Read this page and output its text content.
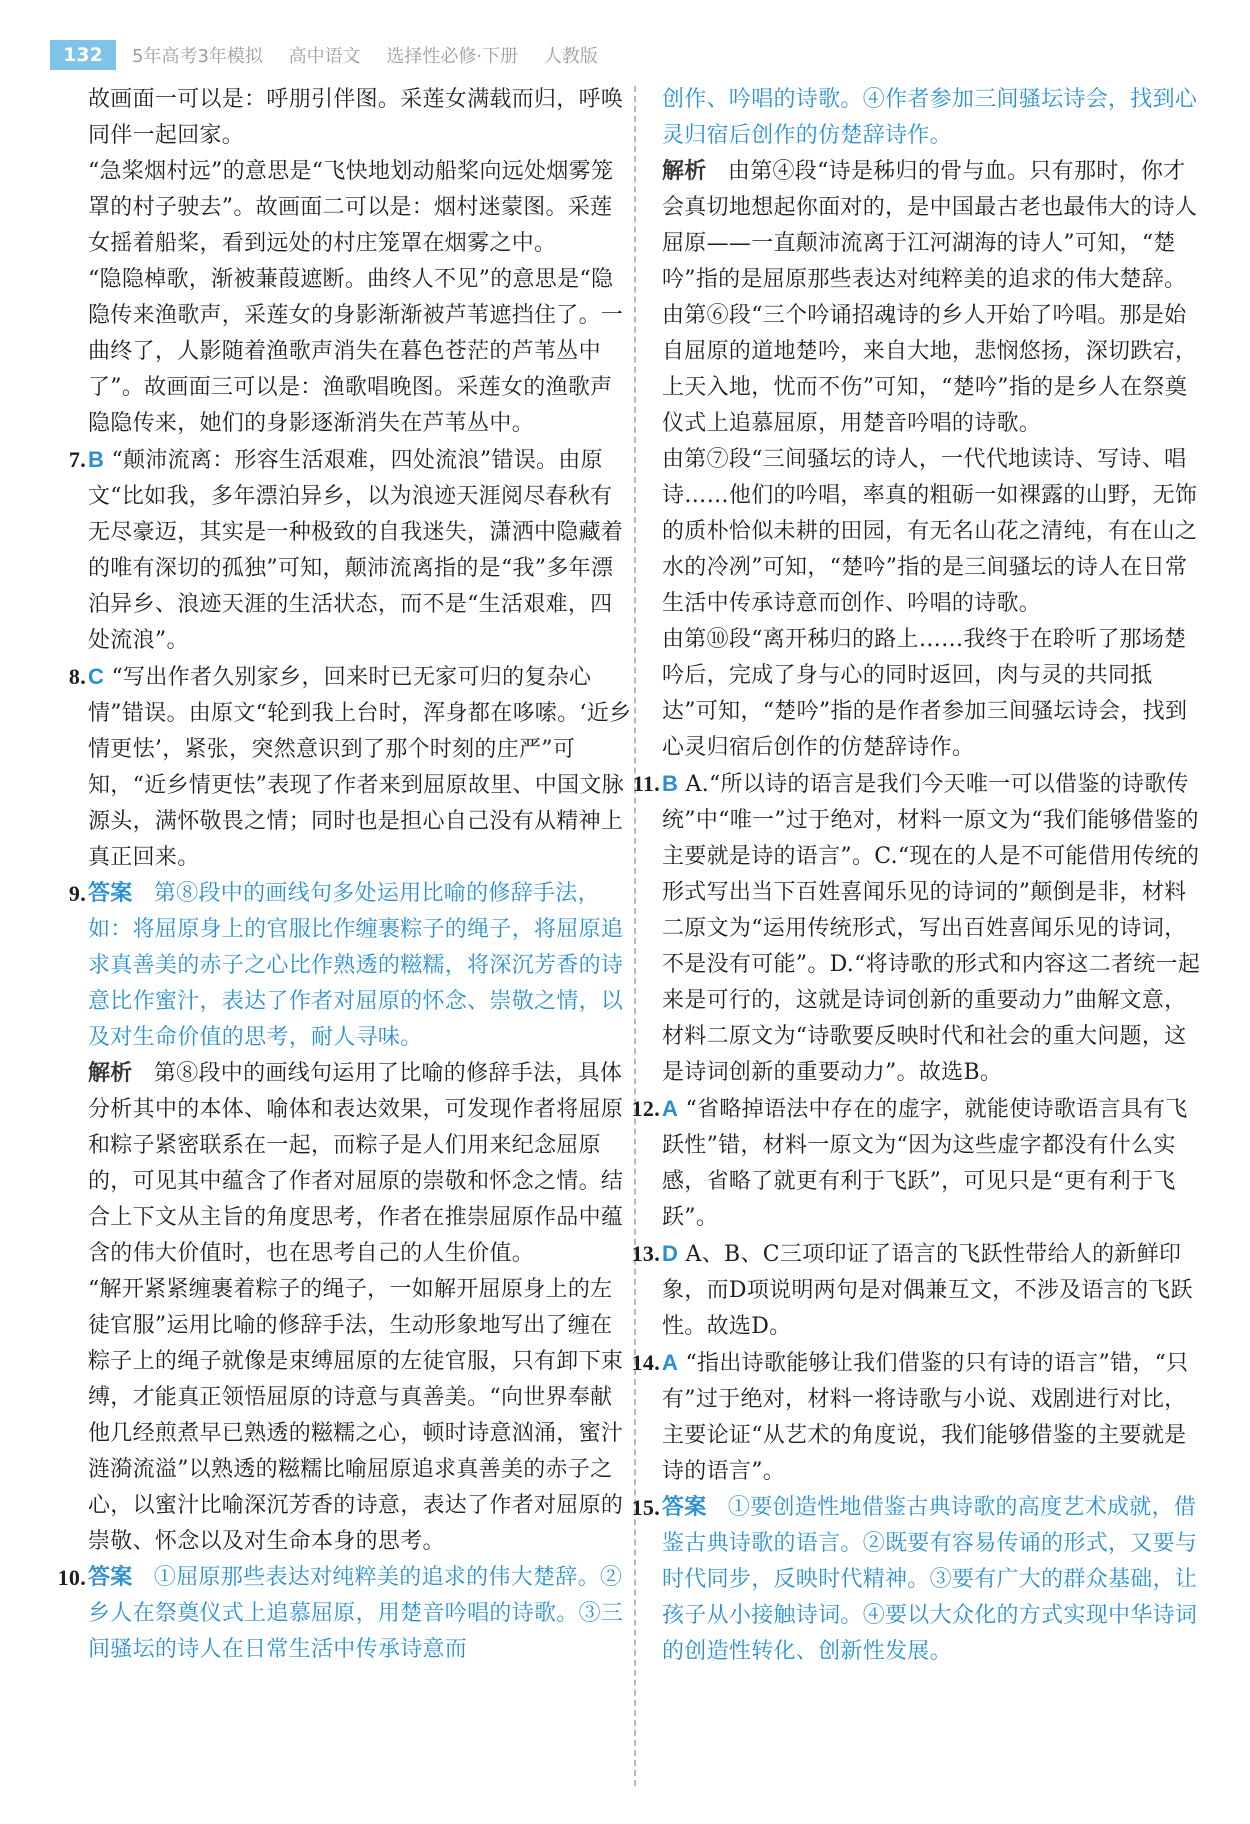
132	5年高考3年模拟 高中语文 选择性必修·下册 人教版

故画面一可以是：呼朋引伴图。采莲女满载而归，呼唤同伴一起回家。

“急桨烟村远”的意思是“飞快地划动船桨向远处烟雾笼罩的村子驶去”。故画面二可以是：烟村迷蒙图。采莲女摇着船桨，看到远处的村庄笼罩在烟雾之中。

“隐隐棹歌，渐被蒹葭遮断。曲终人不见”的意思是“隐隐传来渔歌声，采莲女的身影渐渐被芦苇遮挡住了。一曲终了，人影随着渔歌声消失在暮色苍茫的芦苇丛中了”。故画面三可以是：渔歌唱晚图。采莲女的渔歌声隐隐传来，她们的身影逐渐消失在芦苇丛中。

7. B “颠沛流离：形容生活艰难，四处流浪”错误。由原文“比如我，多年漂泊异乡，以为浪迹天涯阅尽春秋有无尽豪迈，其实是一种极致的自我迷失，潇洒中隐藏着的唯有深切的孤独”可知，颠沛流离指的是“我”多年漂泊异乡、浪迹天涯的生活状态，而不是“生活艰难，四处流浪”。
8. C “写出作者久别家乡，回来时已无家可归的复杂心情”错误。由原文“轮到我上台时，浑身都在哆嗦。‘近乡情更怯’，紧张，突然意识到了那个时刻的庄严”可知，“近乡情更怯”表现了作者来到屈原故里、中国文脉源头，满怀敬畏之情；同时也是担心自己没有从精神上真正回来。
9. 答案 第⑧段中的画线句多处运用比喻的修辞手法，如：将屈原身上的官服比作缠裹粽子的绳子，将屈原追求真善美的赤子之心比作熟透的糍糯，将深沉芳香的诗意比作蜜汁，表达了作者对屈原的怀念、崇敬之情，以及对生命价值的思考，耐人寻味。
解析 第⑧段中的画线句运用了比喻的修辞手法，具体分析其中的本体、喻体和表达效果，可发现作者将屈原和粽子紧密联系在一起，而粽子是人们用来纪念屈原的，可见其中蕴含了作者对屈原的崇敬和怀念之情。结合上下文从主旨的角度思考，作者在推崇屈原作品中蕴含的伟大价值时，也在思考自己的人生价值。

“解开紧紧缠裹着粽子的绳子，一如解开屈原身上的左徒官服”运用比喻的修辞手法，生动形象地写出了缠在粽子上的绳子就像是束缚屈原的左徒官服，只有卸下束缚，才能真正领悟屈原的诗意与真善美。“向世界奉献他几经煎煮早已熟透的糍糯之心，顿时诗意汹涌，蜜汁涟漪流溢”以熟透的糍糯比喻屈原追求真善美的赤子之心，以蜜汁比喻深沉芳香的诗意，表达了作者对屈原的崇敬、怀念以及对生命本身的思考。

10. 答案 ①屈原那些表达对纯粹美的追求的伟大楚辞。②乡人在祭奠仪式上追慕屈原，用楚音吟唱的诗歌。③三间骚坛的诗人在日常生活中传承诗意而

创作、吟唱的诗歌。④作者参加三间骚坛诗会，找到心灵归宿后创作的仿楚辞诗作。

解析 由第④段“诗是秭归的骨与血。只有那时，你才会真切地想起你面对的，是中国最古老也最伟大的诗人屈原——一直颠沛流离于江河湖海的诗人”可知，“楚吟”指的是屈原那些表达对纯粹美的追求的伟大楚辞。

由第⑥段“三个吟诵招魂诗的乡人开始了吟唱。那是始自屈原的道地楚吟，来自大地，悲悯悠扬，深切跌宕，上天入地，忧而不伤”可知，“楚吟”指的是乡人在祭奠仪式上追慕屈原，用楚音吟唱的诗歌。

由第⑦段“三间骚坛的诗人，一代代地读诗、写诗、唱诗……他们的吟唱，率真的粗砺一如裸露的山野，无饰的质朴恰似未耕的田园，有无名山花之清纯，有在山之水的冷冽”可知，“楚吟”指的是三间骚坛的诗人在日常生活中传承诗意而创作、吟唱的诗歌。

由第⑩段“离开秭归的路上……我终于在聆听了那场楚吟后，完成了身与心的同时返回，肉与灵的共同抵达”可知，“楚吟”指的是作者参加三间骚坛诗会，找到心灵归宿后创作的仿楚辞诗作。

11. B A.“所以诗的语言是我们今天唯一可以借鉴的诗歌传统”中“唯一”过于绝对，材料一原文为“我们能够借鉴的主要就是诗的语言”。C.“现在的人是不可能借用传统的形式写出当下百姓喜闻乐见的诗词的”颠倒是非，材料二原文为“运用传统形式，写出百姓喜闻乐见的诗词，不是没有可能”。D.“将诗歌的形式和内容这二者统一起来是可行的，这就是诗词创新的重要动力”曲解文意，材料二原文为“诗歌要反映时代和社会的重大问题，这是诗词创新的重要动力”。故选B。
12. A “省略掉语法中存在的虚字，就能使诗歌语言具有飞跃性”错，材料一原文为“因为这些虚字都没有什么实感，省略了就更有利于飞跃”，可见只是“更有利于飞跃”。
13. D A、B、C三项印证了语言的飞跃性带给人的新鲜印象，而D项说明两句是对偶兼互文，不涉及语言的飞跃性。故选D。
14. A “指出诗歌能够让我们借鉴的只有诗的语言”错，“只有”过于绝对，材料一将诗歌与小说、戏剧进行对比，主要论证“从艺术的角度说，我们能够借鉴的主要就是诗的语言”。
15. 答案 ①要创造性地借鉴古典诗歌的高度艺术成就，借鉴古典诗歌的语言。②既要有容易传诵的形式，又要与时代同步，反映时代精神。③要有广大的群众基础，让孩子从小接触诗词。④要以大众化的方式实现中华诗词的创造性转化、创新性发展。
